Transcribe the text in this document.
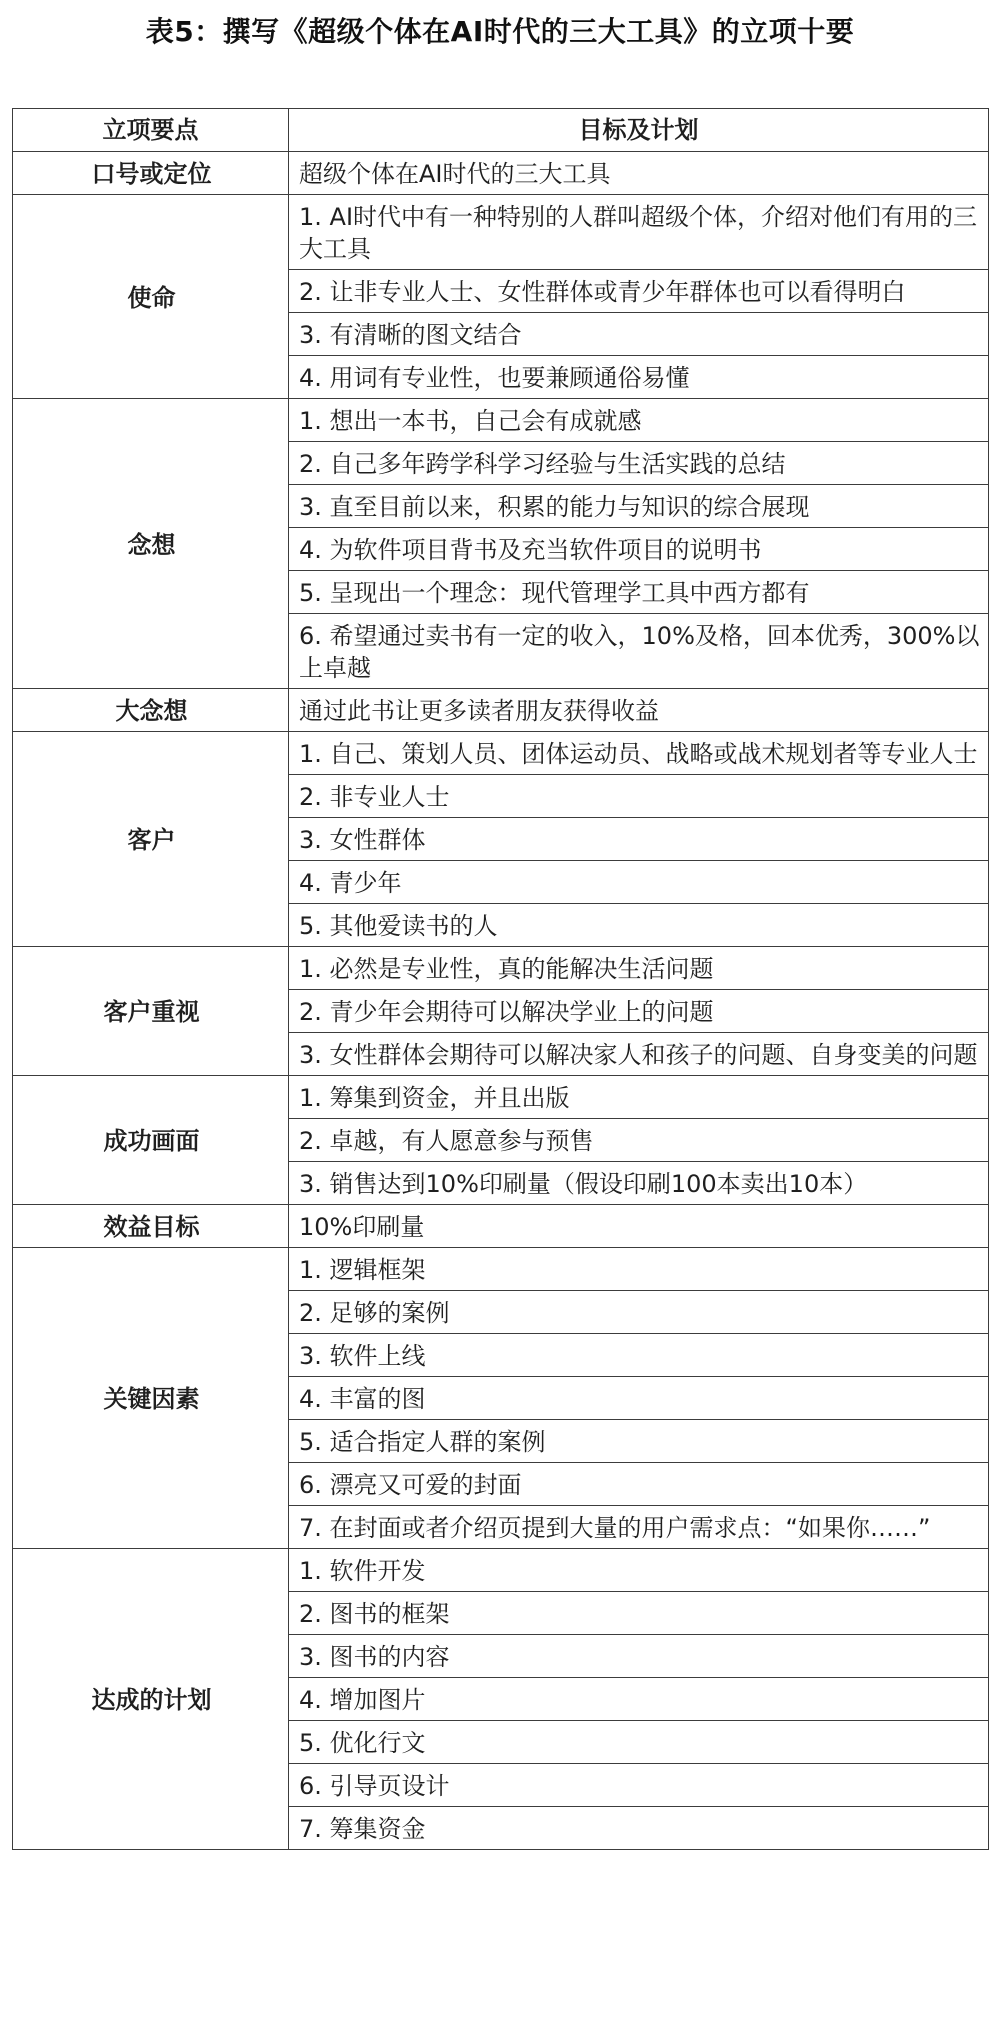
表5：撰写《超级个体在AI时代的三大工具》的立项十要
立项要点	目标及计划
口号或定位	超级个体在AI时代的三大工具
使命	1. AI时代中有一种特别的人群叫超级个体，介绍对他们有用的三大工具
	2. 让非专业人士、女性群体或青少年群体也可以看得明白
	3. 有清晰的图文结合
	4. 用词有专业性，也要兼顾通俗易懂
念想	1. 想出一本书，自己会有成就感
	2. 自己多年跨学科学习经验与生活实践的总结
	3. 直至目前以来，积累的能力与知识的综合展现
	4. 为软件项目背书及充当软件项目的说明书
	5. 呈现出一个理念：现代管理学工具中西方都有
	6. 希望通过卖书有一定的收入，10%及格，回本优秀，300%以上卓越
大念想	通过此书让更多读者朋友获得收益
客户	1. 自己、策划人员、团体运动员、战略或战术规划者等专业人士
	2. 非专业人士
	3. 女性群体
	4. 青少年
	5. 其他爱读书的人
客户重视	1. 必然是专业性，真的能解决生活问题
	2. 青少年会期待可以解决学业上的问题
	3. 女性群体会期待可以解决家人和孩子的问题、自身变美的问题
成功画面	1. 筹集到资金，并且出版
	2. 卓越，有人愿意参与预售
	3. 销售达到10%印刷量（假设印刷100本卖出10本）
效益目标	10%印刷量
关键因素	1. 逻辑框架
	2. 足够的案例
	3. 软件上线
	4. 丰富的图
	5. 适合指定人群的案例
	6. 漂亮又可爱的封面
	7. 在封面或者介绍页提到大量的用户需求点：“如果你……”
达成的计划	1. 软件开发
	2. 图书的框架
	3. 图书的内容
	4. 增加图片
	5. 优化行文
	6. 引导页设计
	7. 筹集资金
